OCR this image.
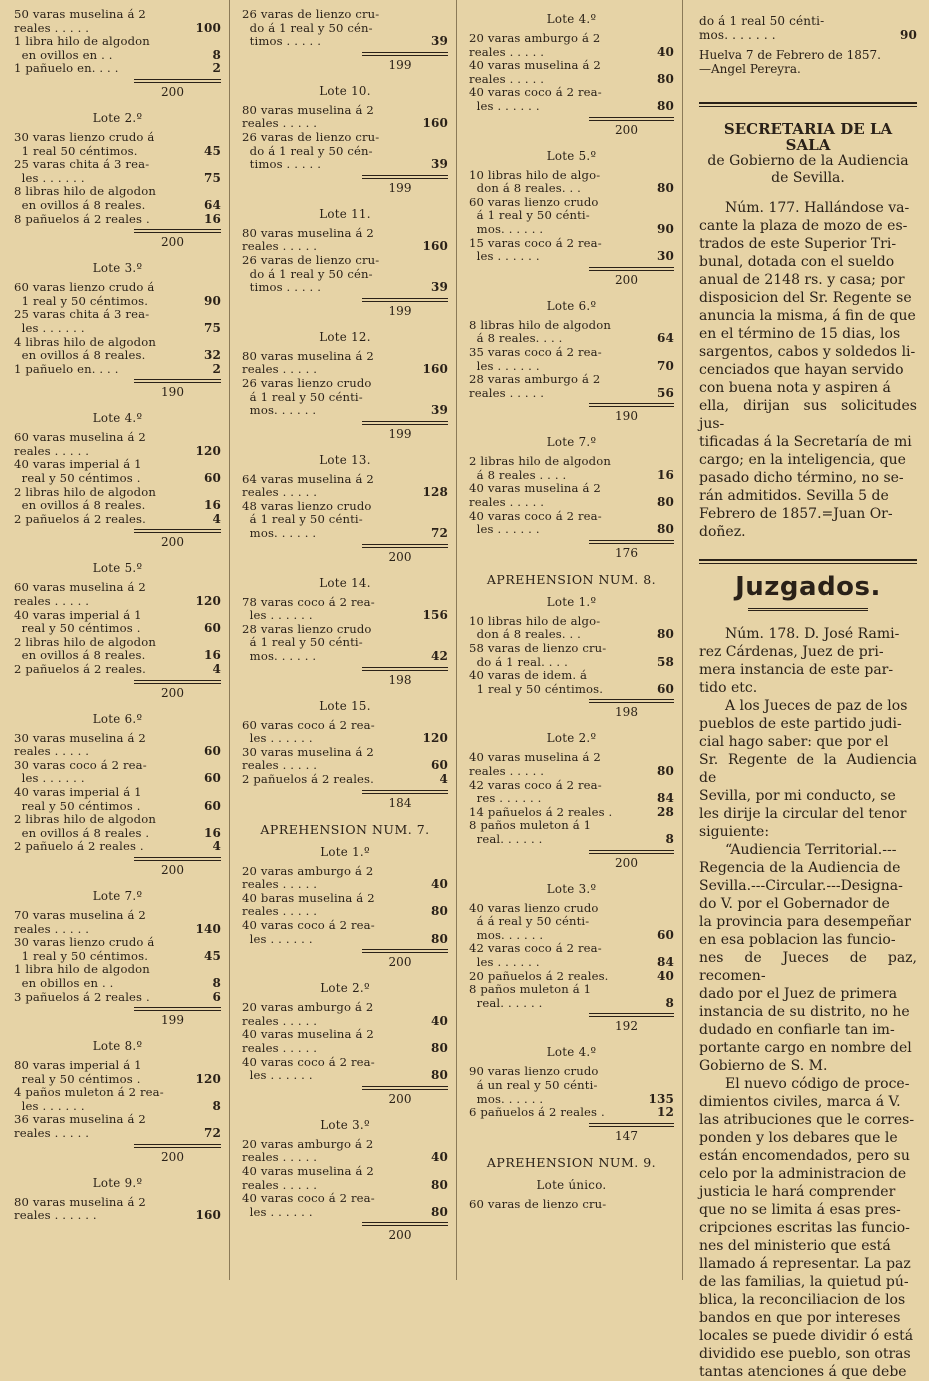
50 varas muselina á 2
reales . . . . .	100
1 libra hilo de algodon
en ovillos en . .	8
1 pañuelo en. . . .	2
200
Lote 2.º
30 varas lienzo crudo á
1 real 50 céntimos.	45
25 varas chita á 3 rea-
les . . . . . .	75
8 libras hilo de algodon
en ovillos á 8 reales.	64
8 pañuelos á 2 reales .	16
200
Lote 3.º
60 varas lienzo crudo á
1 real y 50 céntimos.	90
25 varas chita á 3 rea-
les . . . . . .	75
4 libras hilo de algodon
en ovillos á 8 reales.	32
1 pañuelo en. . . .	2
190
Lote 4.º
60 varas muselina á 2
reales . . . . .	120
40 varas imperial á 1
real y 50 céntimos .	60
2 libras hilo de algodon
en ovillos á 8 reales.	16
2 pañuelos á 2 reales.	4
200
Lote 5.º
60 varas muselina á 2
reales . . . . .	120
40 varas imperial á 1
real y 50 céntimos .	60
2 libras hilo de algodon
en ovillos á 8 reales.	16
2 pañuelos á 2 reales.	4
200
Lote 6.º
30 varas muselina á 2
reales . . . . .	60
30 varas coco á 2 rea-
les . . . . . .	60
40 varas imperial á 1
real y 50 céntimos .	60
2 libras hilo de algodon
en ovillos á 8 reales .	16
2 pañuelo á 2 reales .	4
200
Lote 7.º
70 varas muselina á 2
reales . . . . .	140
30 varas lienzo crudo á
1 real y 50 céntimos.	45
1 libra hilo de algodon
en obillos en . .	8
3 pañuelos á 2 reales .	6
199
Lote 8.º
80 varas imperial á 1
real y 50 céntimos .	120
4 paños muleton á 2 rea-
les . . . . . .	8
36 varas muselina á 2
reales . . . . .	72
200
Lote 9.º
80 varas muselina á 2
reales . . . . . .	160
26 varas de lienzo cru-
do á 1 real y 50 cén-
timos . . . . .	39
199
Lote 10.
80 varas muselina á 2
reales . . . . .	160
26 varas de lienzo cru-
do á 1 real y 50 cén-
timos . . . . .	39
199
Lote 11.
80 varas muselina á 2
reales . . . . .	160
26 varas de lienzo cru-
do á 1 real y 50 cén-
timos . . . . .	39
199
Lote 12.
80 varas muselina á 2
reales . . . . .	160
26 varas lienzo crudo
á 1 real y 50 cénti-
mos. . . . . .	39
199
Lote 13.
64 varas muselina á 2
reales . . . . .	128
48 varas lienzo crudo
á 1 real y 50 cénti-
mos. . . . . .	72
200
Lote 14.
78 varas coco á 2 rea-
les . . . . . .	156
28 varas lienzo crudo
á 1 real y 50 cénti-
mos. . . . . .	42
198
Lote 15.
60 varas coco á 2 rea-
les . . . . . .	120
30 varas muselina á 2
reales . . . . .	60
2 pañuelos á 2 reales.	4
184
APREHENSION NUM. 7.
Lote 1.º
20 varas amburgo á 2
reales . . . . .	40
40 baras muselina á 2
reales . . . . .	80
40 varas coco á 2 rea-
les . . . . . .	80
200
Lote 2.º
20 varas amburgo á 2
reales . . . . .	40
40 varas muselina á 2
reales . . . . .	80
40 varas coco á 2 rea-
les . . . . . .	80
200
Lote 3.º
20 varas amburgo á 2
reales . . . . .	40
40 varas muselina á 2
reales . . . . .	80
40 varas coco á 2 rea-
les . . . . . .	80
200
Lote 4.º
20 varas amburgo á 2
reales . . . . .	40
40 varas muselina á 2
reales . . . . .	80
40 varas coco á 2 rea-
les . . . . . .	80
200
Lote 5.º
10 libras hilo de algo-
don á 8 reales. . .	80
60 varas lienzo crudo
á 1 real y 50 cénti-
mos. . . . . .	90
15 varas coco á 2 rea-
les . . . . . .	30
200
Lote 6.º
8 libras hilo de algodon
á 8 reales. . . .	64
35 varas coco á 2 rea-
les . . . . . .	70
28 varas amburgo á 2
reales . . . . .	56
190
Lote 7.º
2 libras hilo de algodon
á 8 reales . . . .	16
40 varas muselina á 2
reales . . . . .	80
40 varas coco á 2 rea-
les . . . . . .	80
176
APREHENSION NUM. 8.
Lote 1.º
10 libras hilo de algo-
don á 8 reales. . .	80
58 varas de lienzo cru-
do á 1 real. . . .	58
40 varas de idem. á
1 real y 50 céntimos.	60
198
Lote 2.º
40 varas muselina á 2
reales . . . . .	80
42 varas coco á 2 rea-
res . . . . . .	84
14 pañuelos á 2 reales .	28
8 paños muleton á 1
real. . . . . .	8
200
Lote 3.º
40 varas lienzo crudo
á á real y 50 cénti-
mos. . . . . .	60
42 varas coco á 2 rea-
les . . . . . .	84
20 pañuelos á 2 reales.	40
8 paños muleton á 1
real. . . . . .	8
192
Lote 4.º
90 varas lienzo crudo
á un real y 50 cénti-
mos. . . . . .	135
6 pañuelos á 2 reales .	12
147
APREHENSION NUM. 9.
Lote único.
60 varas de lienzo cru-
do á 1 real 50 cénti-
mos. . . . . . .	90
Huelva 7 de Febrero de 1857.
—Angel Pereyra.
SECRETARIA DE LA SALA
de Gobierno de la Audiencia
de Sevilla.
Núm. 177. Hallándose va-
cante la plaza de mozo de es-
trados de este Superior Tri-
bunal, dotada con el sueldo
anual de 2148 rs. y casa; por
disposicion del Sr. Regente se
anuncia la misma, á fin de que
en el término de 15 dias, los
sargentos, cabos y soldedos li-
cenciados que hayan servido
con buena nota y aspiren á
ella, dirijan sus solicitudes jus-
tificadas á la Secretaría de mi
cargo; en la inteligencia, que
pasado dicho término, no se-
rán admitidos. Sevilla 5 de
Febrero de 1857.=Juan Or-
doñez.
Juzgados.
Núm. 178. D. José Rami-
rez Cárdenas, Juez de pri-
mera instancia de este par-
tido etc.
A los Jueces de paz de los
pueblos de este partido judi-
cial hago saber: que por el
Sr. Regente de la Audiencia de
Sevilla, por mi conducto, se
les dirije la circular del tenor
siguiente:
“Audiencia Territorial.---
Regencia de la Audiencia de
Sevilla.---Circular.---Designa-
do V. por el Gobernador de
la provincia para desempeñar
en esa poblacion las funcio-
nes de Jueces de paz, recomen-
dado por el Juez de primera
instancia de su distrito, no he
dudado en confiarle tan im-
portante cargo en nombre del
Gobierno de S. M.
El nuevo código de proce-
dimientos civiles, marca á V.
las atribuciones que le corres-
ponden y los debares que le
están encomendados, pero su
celo por la administracion de
justicia le hará comprender
que no se limita á esas pres-
cripciones escritas las funcio-
nes del ministerio que está
llamado á representar. La paz
de las familias, la quietud pú-
blica, la reconciliacion de los
bandos en que por intereses
locales se puede dividir ó está
dividido ese pueblo, son otras
tantas atenciones á que debe
